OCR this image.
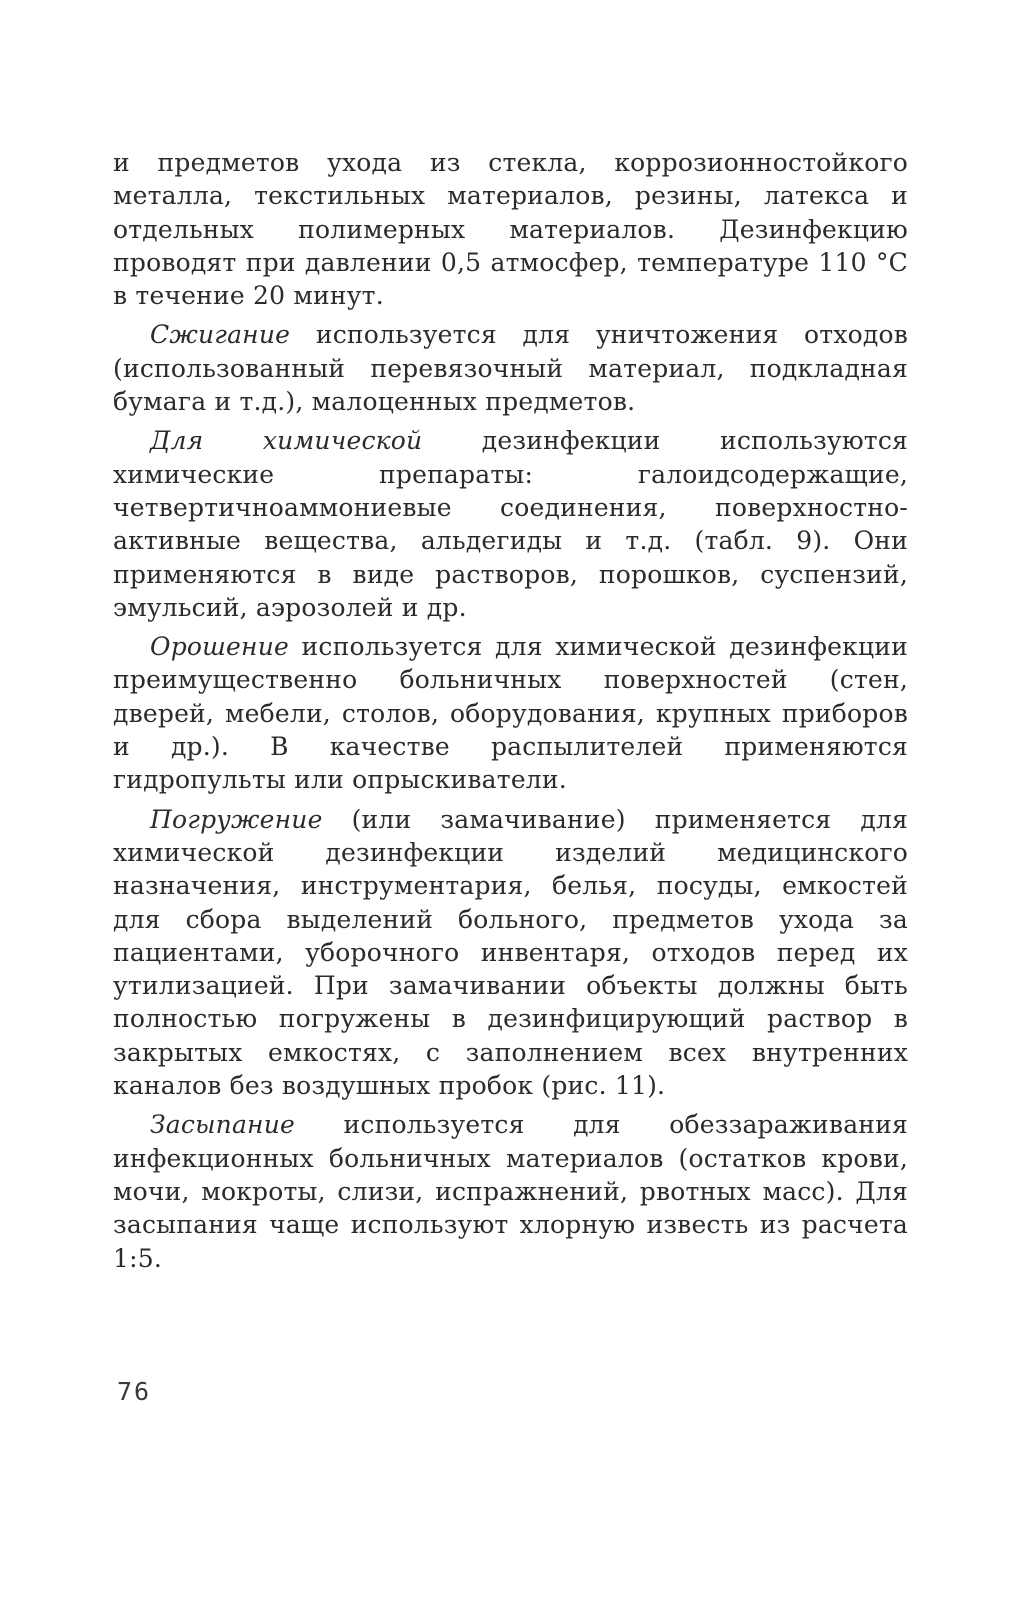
и предметов ухода из стекла, коррозионностойкого металла, текстильных материалов, резины, латекса и отдельных полимерных материалов. Дезинфекцию проводят при давлении 0,5 атмосфер, температуре 110 °С в течение 20 минут.

Сжигание используется для уничтожения отходов (использованный перевязочный материал, подкладная бумага и т.д.), малоценных предметов.

Для химической дезинфекции используются химические препараты: галоидсодержащие, четвертичноаммониевые соединения, поверхностно-активные вещества, альдегиды и т.д. (табл. 9). Они применяются в виде растворов, порошков, суспензий, эмульсий, аэрозолей и др.

Орошение используется для химической дезинфекции преимущественно больничных поверхностей (стен, дверей, мебели, столов, оборудования, крупных приборов и др.). В качестве распылителей применяются гидропульты или опрыскиватели.

Погружение (или замачивание) применяется для химической дезинфекции изделий медицинского назначения, инструментария, белья, посуды, емкостей для сбора выделений больного, предметов ухода за пациентами, уборочного инвентаря, отходов перед их утилизацией. При замачивании объекты должны быть полностью погружены в дезинфицирующий раствор в закрытых емкостях, с заполнением всех внутренних каналов без воздушных пробок (рис. 11).

Засыпание используется для обеззараживания инфекционных больничных материалов (остатков крови, мочи, мокроты, слизи, испражнений, рвотных масс). Для засыпания чаще используют хлорную известь из расчета 1:5.

76
